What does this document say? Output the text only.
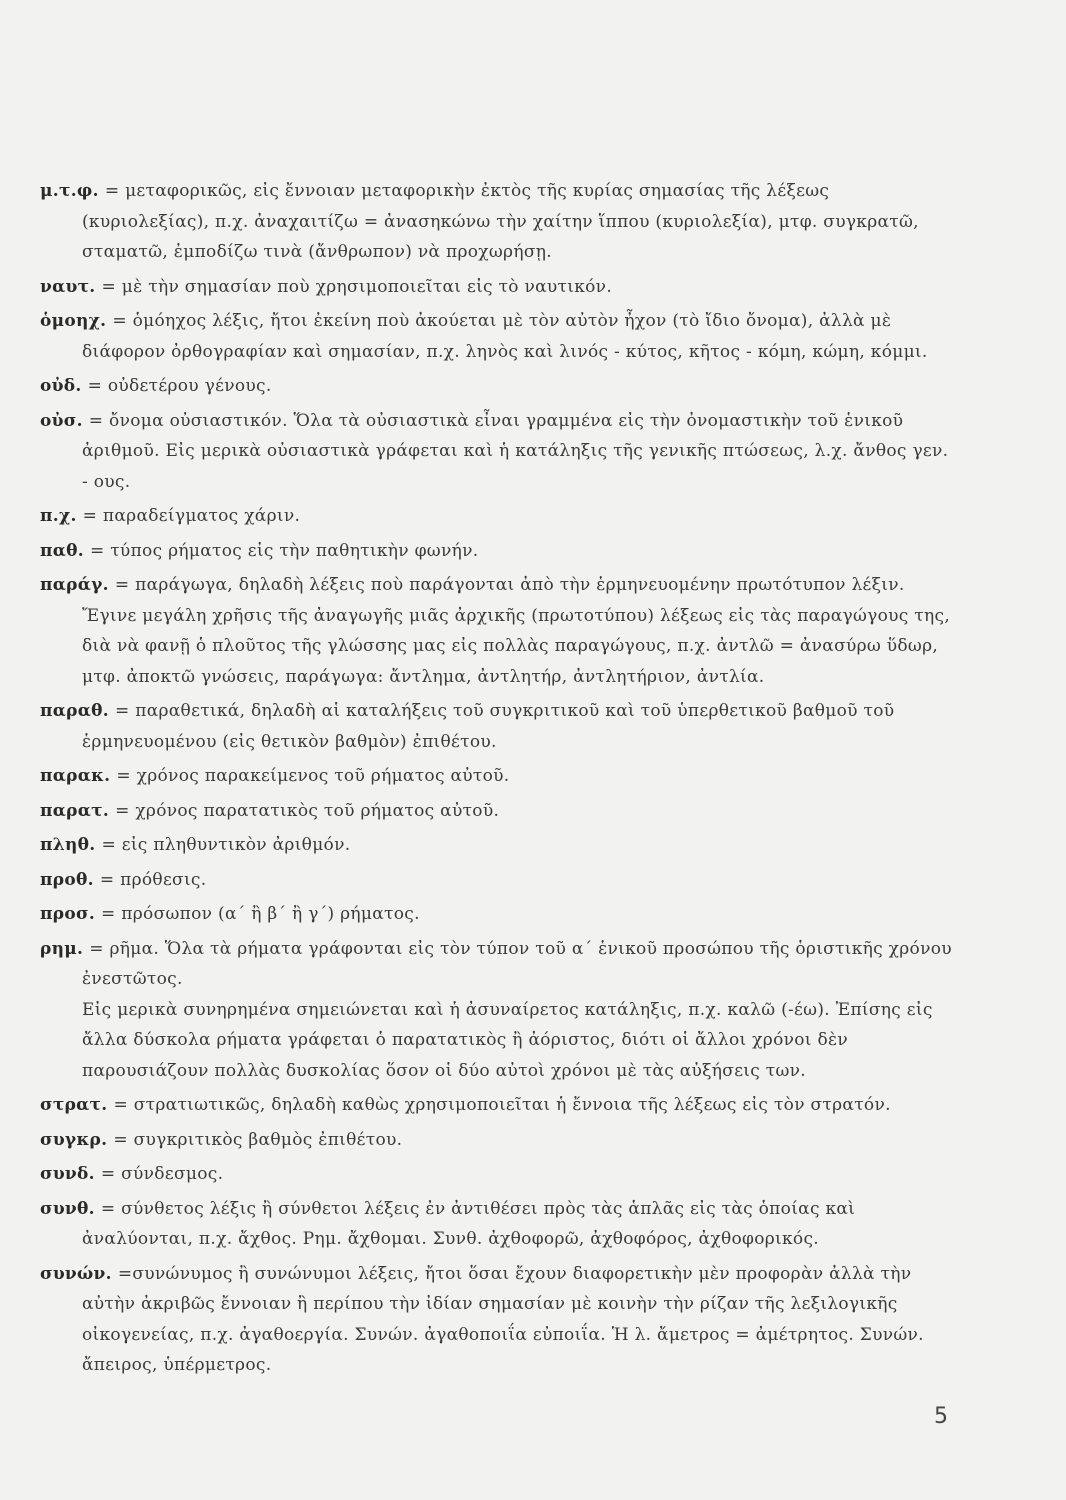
μ.τ.φ. = μεταφορικῶς, εἰς ἔννοιαν μεταφορικὴν ἐκτὸς τῆς κυρίας σημασίας τῆς λέξεως (κυριολεξίας), π.χ. ἀναχαιτίζω = ἀνασηκώνω τὴν χαίτην ἵππου (κυριολεξία), μτφ. συγκρατῶ, σταματῶ, ἐμποδίζω τινὰ (ἄνθρωπον) νὰ προχωρήσῃ.
ναυτ. = μὲ τὴν σημασίαν ποὺ χρησιμοποιεῖται εἰς τὸ ναυτικόν.
ὁμοηχ. = ὁμόηχος λέξις, ἤτοι ἐκείνη ποὺ ἀκούεται μὲ τὸν αὐτὸν ἦχον (τὸ ἴδιο ὄνομα), ἀλλὰ μὲ διάφορον ὀρθογραφίαν καὶ σημασίαν, π.χ. ληνὸς καὶ λινός - κύτος, κῆτος - κόμη, κώμη, κόμμι.
οὐδ. = οὐδετέρου γένους.
οὐσ. = ὄνομα οὐσιαστικόν. Ὅλα τὰ οὐσιαστικὰ εἶναι γραμμένα εἰς τὴν ὀνομαστικὴν τοῦ ἑνικοῦ ἀριθμοῦ. Εἰς μερικὰ οὐσιαστικὰ γράφεται καὶ ἡ κατάληξις τῆς γενικῆς πτώσεως, λ.χ. ἄνθος γεν. - ους.
π.χ. = παραδείγματος χάριν.
παθ. = τύπος ρήματος εἰς τὴν παθητικὴν φωνήν.
παράγ. = παράγωγα, δηλαδὴ λέξεις ποὺ παράγονται ἀπὸ τὴν ἑρμηνευομένην πρωτότυπον λέξιν. Ἔγινε μεγάλη χρῆσις τῆς ἀναγωγῆς μιᾶς ἀρχικῆς (πρωτοτύπου) λέξεως εἰς τὰς παραγώγους της, διὰ νὰ φανῇ ὁ πλοῦτος τῆς γλώσσης μας εἰς πολλὰς παραγώγους, π.χ. ἀντλῶ = ἀνασύρω ὕδωρ, μτφ. ἀποκτῶ γνώσεις, παράγωγα: ἄντλημα, ἀντλητήρ, ἀντλητήριον, ἀντλία.
παραθ. = παραθετικά, δηλαδὴ αἱ καταλήξεις τοῦ συγκριτικοῦ καὶ τοῦ ὑπερθετικοῦ βαθμοῦ τοῦ ἑρμηνευομένου (εἰς θετικὸν βαθμὸν) ἐπιθέτου.
παρακ. = χρόνος παρακείμενος τοῦ ρήματος αὐτοῦ.
παρατ. = χρόνος παρατατικὸς τοῦ ρήματος αὐτοῦ.
πληθ. = εἰς πληθυντικὸν ἀριθμόν.
προθ. = πρόθεσις.
προσ. = πρόσωπον (α΄ ἢ β΄ ἢ γ΄) ρήματος.
ρημ. = ρῆμα. Ὅλα τὰ ρήματα γράφονται εἰς τὸν τύπον τοῦ α΄ ἑνικοῦ προσώπου τῆς ὁριστικῆς χρόνου ἐνεστῶτος.
Εἰς μερικὰ συνηρημένα σημειώνεται καὶ ἡ ἀσυναίρετος κατάληξις, π.χ. καλῶ (-έω). Ἐπίσης εἰς ἄλλα δύσκολα ρήματα γράφεται ὁ παρατατικὸς ἢ ἀόριστος, διότι οἱ ἄλλοι χρόνοι δὲν παρουσιάζουν πολλὰς δυσκολίας ὅσον οἱ δύο αὐτοὶ χρόνοι μὲ τὰς αὐξήσεις των.
στρατ. = στρατιωτικῶς, δηλαδὴ καθὼς χρησιμοποιεῖται ἡ ἔννοια τῆς λέξεως εἰς τὸν στρατόν.
συγκρ. = συγκριτικὸς βαθμὸς ἐπιθέτου.
συνδ. = σύνδεσμος.
συνθ. = σύνθετος λέξις ἢ σύνθετοι λέξεις ἐν ἀντιθέσει πρὸς τὰς ἁπλᾶς εἰς τὰς ὁποίας καὶ ἀναλύονται, π.χ. ἄχθος. Ρημ. ἄχθομαι. Συνθ. ἀχθοφορῶ, ἀχθοφόρος, ἀχθοφορικός.
συνών. =συνώνυμος ἢ συνώνυμοι λέξεις, ἤτοι ὅσαι ἔχουν διαφορετικὴν μὲν προφορὰν ἀλλὰ τὴν αὐτὴν ἀκριβῶς ἔννοιαν ἢ περίπου τὴν ἰδίαν σημασίαν μὲ κοινὴν τὴν ρίζαν τῆς λεξιλογικῆς οἰκογενείας, π.χ. ἀγαθοεργία. Συνών. ἀγαθοποιΐα εὐποιΐα. Ἡ λ. ἄμετρος = ἀμέτρητος. Συνών. ἄπειρος, ὑπέρμετρος.
5
